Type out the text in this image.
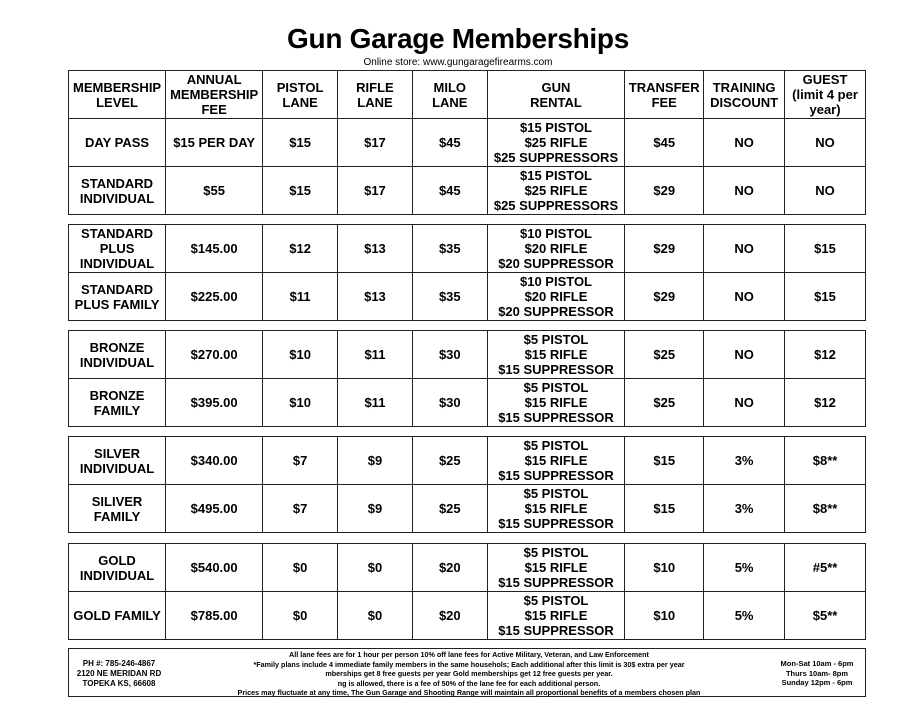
Gun Garage Memberships
Online store: www.gungaragefirearms.com
MEMBERSHIP
LEVEL	ANNUAL
MEMBERSHIP
FEE	PISTOL
LANE	RIFLE
LANE	MILO
LANE	GUN
RENTAL	TRANSFER
FEE	TRAINING
DISCOUNT	GUEST
(limit 4 per
year)
DAY PASS	$15 PER DAY	$15	$17	$45	$15 PISTOL
$25 RIFLE
$25 SUPPRESSORS	$45	NO	NO
STANDARD
INDIVIDUAL	$55	$15	$17	$45	$15 PISTOL
$25 RIFLE
$25 SUPPRESSORS	$29	NO	NO
STANDARD
PLUS
INDIVIDUAL	$145.00	$12	$13	$35	$10 PISTOL
$20 RIFLE
$20 SUPPRESSOR	$29	NO	$15
STANDARD
PLUS FAMILY	$225.00	$11	$13	$35	$10 PISTOL
$20 RIFLE
$20 SUPPRESSOR	$29	NO	$15
BRONZE
INDIVIDUAL	$270.00	$10	$11	$30	$5 PISTOL
$15 RIFLE
$15 SUPPRESSOR	$25	NO	$12
BRONZE
FAMILY	$395.00	$10	$11	$30	$5 PISTOL
$15 RIFLE
$15 SUPPRESSOR	$25	NO	$12
SILVER
INDIVIDUAL	$340.00	$7	$9	$25	$5 PISTOL
$15 RIFLE
$15 SUPPRESSOR	$15	3%	$8**
SILIVER
FAMILY	$495.00	$7	$9	$25	$5 PISTOL
$15 RIFLE
$15 SUPPRESSOR	$15	3%	$8**
GOLD
INDIVIDUAL	$540.00	$0	$0	$20	$5 PISTOL
$15 RIFLE
$15 SUPPRESSOR	$10	5%	#5**
GOLD FAMILY	$785.00	$0	$0	$20	$5 PISTOL
$15 RIFLE
$15 SUPPRESSOR	$10	5%	$5**
PH #: 785-246-4867
2120 NE MERIDAN RD
TOPEKA KS, 66608
All lane fees are for 1 hour per person 10% off lane fees for Active Military, Veteran, and Law Enforcement
*Family plans include 4 immediate family members in the same househols; Each additional after this limit is 30$ extra per year
mberships get 8 free guests per year Gold memberships get 12 free guests per year.
ng is allowed, there is a fee of 50% of the lane fee for each additional person.
Prices may fluctuate at any time, The Gun Garage and Shooting Range will maintain all proportional benefits of a members chosen plan
Mon-Sat 10am - 6pm
Thurs 10am- 8pm
Sunday 12pm - 6pm
